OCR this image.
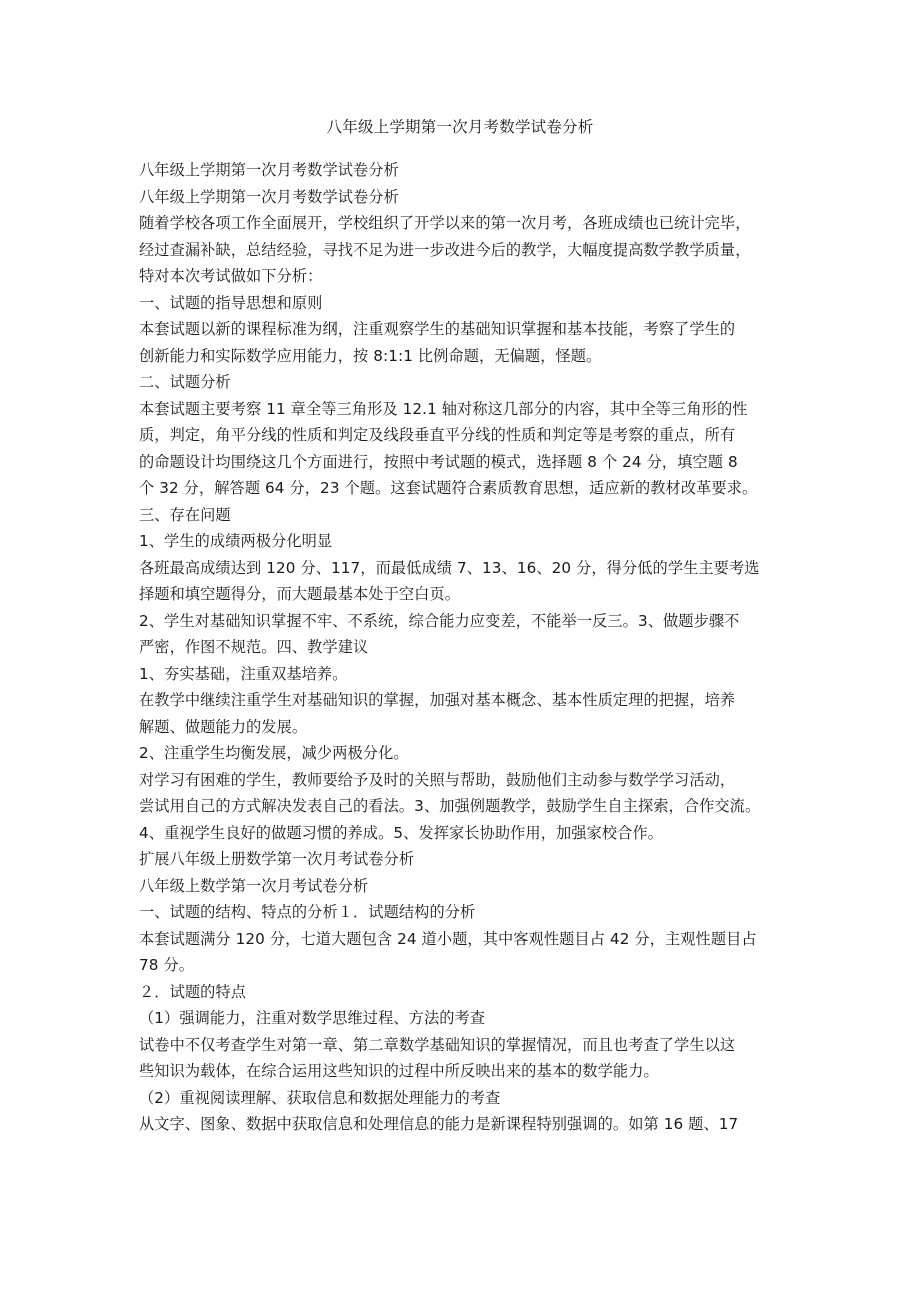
八年级上学期第一次月考数学试卷分析
八年级上学期第一次月考数学试卷分析
八年级上学期第一次月考数学试卷分析
随着学校各项工作全面展开，学校组织了开学以来的第一次月考，各班成绩也已统计完毕，
经过查漏补缺，总结经验，寻找不足为进一步改进今后的教学，大幅度提高数学教学质量，
特对本次考试做如下分析：
一、试题的指导思想和原则
本套试题以新的课程标准为纲，注重观察学生的基础知识掌握和基本技能，考察了学生的
创新能力和实际数学应用能力，按 8:1:1 比例命题，无偏题，怪题。
二、试题分析
本套试题主要考察 11 章全等三角形及 12.1 轴对称这几部分的内容，其中全等三角形的性
质，判定，角平分线的性质和判定及线段垂直平分线的性质和判定等是考察的重点，所有
的命题设计均围绕这几个方面进行，按照中考试题的模式，选择题 8 个 24 分，填空题 8
个 32 分，解答题 64 分，23 个题。这套试题符合素质教育思想，适应新的教材改革要求。
三、存在问题
1、学生的成绩两极分化明显
各班最高成绩达到 120 分、117，而最低成绩 7、13、16、20 分，得分低的学生主要考选
择题和填空题得分，而大题最基本处于空白页。
2、学生对基础知识掌握不牢、不系统，综合能力应变差，不能举一反三。3、做题步骤不
严密，作图不规范。四、教学建议
1、夯实基础，注重双基培养。
在教学中继续注重学生对基础知识的掌握，加强对基本概念、基本性质定理的把握，培养
解题、做题能力的发展。
2、注重学生均衡发展，减少两极分化。
对学习有困难的学生，教师要给予及时的关照与帮助，鼓励他们主动参与数学学习活动，
尝试用自己的方式解决发表自己的看法。3、加强例题教学，鼓励学生自主探索，合作交流。
4、重视学生良好的做题习惯的养成。5、发挥家长协助作用，加强家校合作。
扩展八年级上册数学第一次月考试卷分析
八年级上数学第一次月考试卷分析
一、试题的结构、特点的分析１．试题结构的分析
本套试题满分 120 分，七道大题包含 24 道小题，其中客观性题目占 42 分，主观性题目占
78 分。
２．试题的特点
（1）强调能力，注重对数学思维过程、方法的考查
试卷中不仅考查学生对第一章、第二章数学基础知识的掌握情况，而且也考查了学生以这
些知识为载体，在综合运用这些知识的过程中所反映出来的基本的数学能力。
（2）重视阅读理解、获取信息和数据处理能力的考查
从文字、图象、数据中获取信息和处理信息的能力是新课程特别强调的。如第 16 题、17
